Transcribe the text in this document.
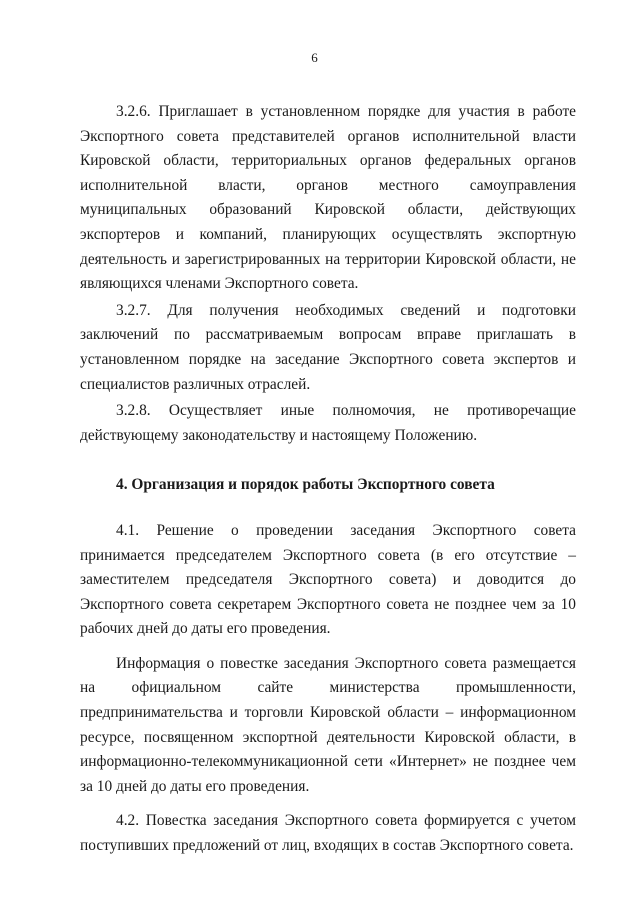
6

3.2.6. Приглашает в установленном порядке для участия в работе Экспортного совета представителей органов исполнительной власти Кировской области, территориальных органов федеральных органов исполнительной власти, органов местного самоуправления муниципальных образований Кировской области, действующих экспортеров и компаний, планирующих осуществлять экспортную деятельность и зарегистрированных на территории Кировской области, не являющихся членами Экспортного совета.

3.2.7. Для получения необходимых сведений и подготовки заключений по рассматриваемым вопросам вправе приглашать в установленном порядке на заседание Экспортного совета экспертов и специалистов различных отраслей.

3.2.8. Осуществляет иные полномочия, не противоречащие действующему законодательству и настоящему Положению.

4. Организация и порядок работы Экспортного совета

4.1. Решение о проведении заседания Экспортного совета принимается председателем Экспортного совета (в его отсутствие – заместителем председателя Экспортного совета) и доводится до Экспортного совета секретарем Экспортного совета не позднее чем за 10 рабочих дней до даты его проведения.

Информация о повестке заседания Экспортного совета размещается на официальном сайте министерства промышленности, предпринимательства и торговли Кировской области – информационном ресурсе, посвященном экспортной деятельности Кировской области, в информационно-телекоммуникационной сети «Интернет» не позднее чем за 10 дней до даты его проведения.

4.2. Повестка заседания Экспортного совета формируется с учетом поступивших предложений от лиц, входящих в состав Экспортного совета.
